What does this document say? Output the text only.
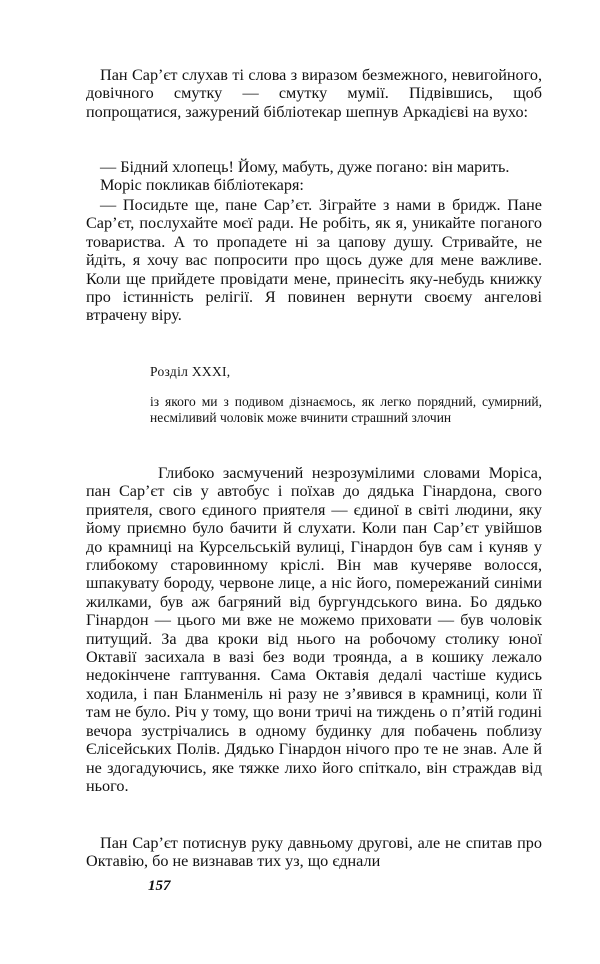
Пан Сар’єт слухав ті слова з виразом безмежного, невигойного, довічного смутку — смутку мумії. Підвівшись, щоб попрощатися, зажурений бібліотекар шепнув Аркадієві на вухо:

— Бідний хлопець! Йому, мабуть, дуже погано: він марить.

Моріс покликав бібліотекаря:

— Посидьте ще, пане Сар’єт. Зіграйте з нами в бридж. Пане Сар’єт, послухайте моєї ради. Не робіть, як я, уникайте поганого товариства. А то пропадете ні за цапову душу. Стривайте, не йдіть, я хочу вас попросити про щось дуже для мене важливе. Коли ще прийдете провідати мене, принесіть яку-небудь книжку про істинність релігії. Я повинен вернути своєму ангелові втрачену віру.

Розділ XXXI,

із якого ми з подивом дізнаємось, як легко порядний, сумирний, несміливий чоловік може вчинити страшний злочин

Глибоко засмучений незрозумілими словами Моріса, пан Сар’єт сів у автобус і поїхав до дядька Гінардона, свого приятеля, свого єдиного приятеля — єдиної в світі людини, яку йому приємно було бачити й слухати. Коли пан Сар’єт увійшов до крамниці на Курсельській вулиці, Гінардон був сам і куняв у глибокому старовинному кріслі. Він мав кучеряве волосся, шпакувату бороду, червоне лице, а ніс його, помережаний синіми жилками, був аж багряний від бургундського вина. Бо дядько Гінардон — цього ми вже не можемо приховати — був чоловік питущий. За два кроки від нього на робочому столику юної Октавії засихала в вазі без води троянда, а в кошику лежало недокінчене гаптування. Сама Октавія дедалі частіше кудись ходила, і пан Бланменіль ні разу не з’явився в крамниці, коли її там не було. Річ у тому, що вони тричі на тиждень о п’ятій годині вечора зустрічались в одному будинку для побачень поблизу Єлісейських Полів. Дядько Гінардон нічого про те не знав. Але й не здогадуючись, яке тяжке лихо його спіткало, він страждав від нього.

Пан Сар’єт потиснув руку давньому другові, але не спитав про Октавію, бо не визнавав тих уз, що єднали

157
